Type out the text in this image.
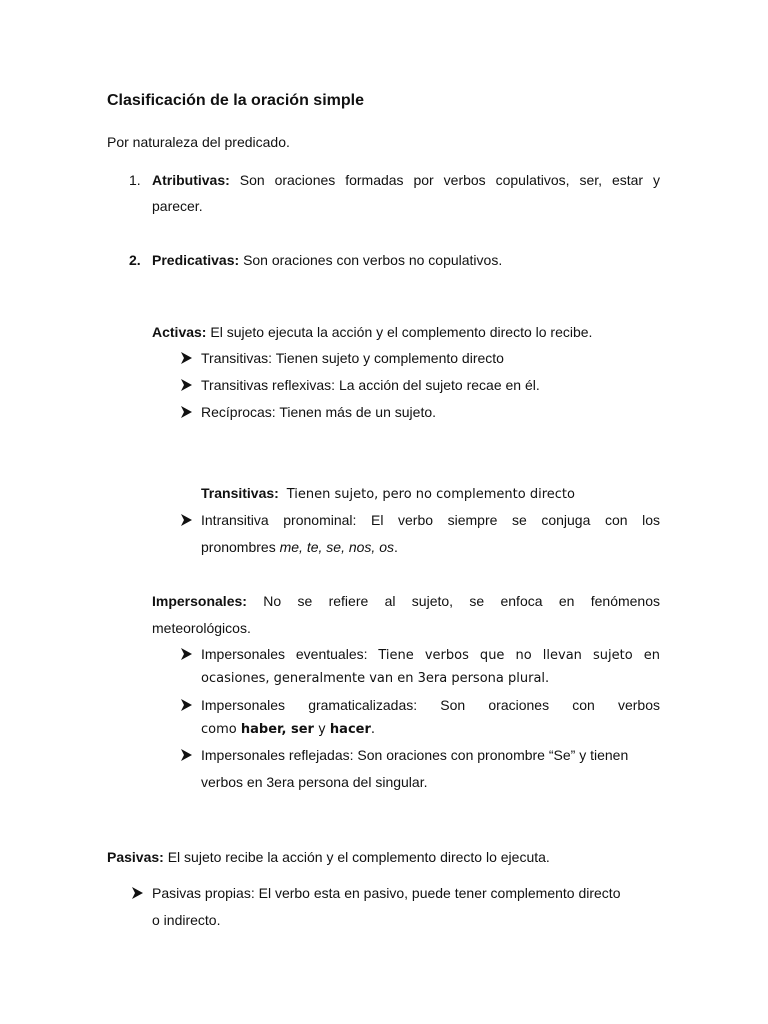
Clasificación de la oración simple
Por naturaleza del predicado.
1. Atributivas: Son oraciones formadas por verbos copulativos, ser, estar y
parecer.
2. Predicativas: Son oraciones con verbos no copulativos.
Activas: El sujeto ejecuta la acción y el complemento directo lo recibe.
Transitivas: Tienen sujeto y complemento directo
Transitivas reflexivas: La acción del sujeto recae en él.
Recíprocas: Tienen más de un sujeto.
Transitivas: Tienen sujeto, pero no complemento directo
Intransitiva pronominal: El verbo siempre se conjuga con los
pronombres me, te, se, nos, os.
Impersonales: No se refiere al sujeto, se enfoca en fenómenos
meteorológicos.
Impersonales eventuales: Tiene verbos que no llevan sujeto en
ocasiones, generalmente van en 3era persona plural.
Impersonales gramaticalizadas: Son oraciones con verbos
como haber, ser y hacer.
Impersonales reflejadas: Son oraciones con pronombre “Se” y tienen
verbos en 3era persona del singular.
Pasivas: El sujeto recibe la acción y el complemento directo lo ejecuta.
Pasivas propias: El verbo esta en pasivo, puede tener complemento directo
o indirecto.
